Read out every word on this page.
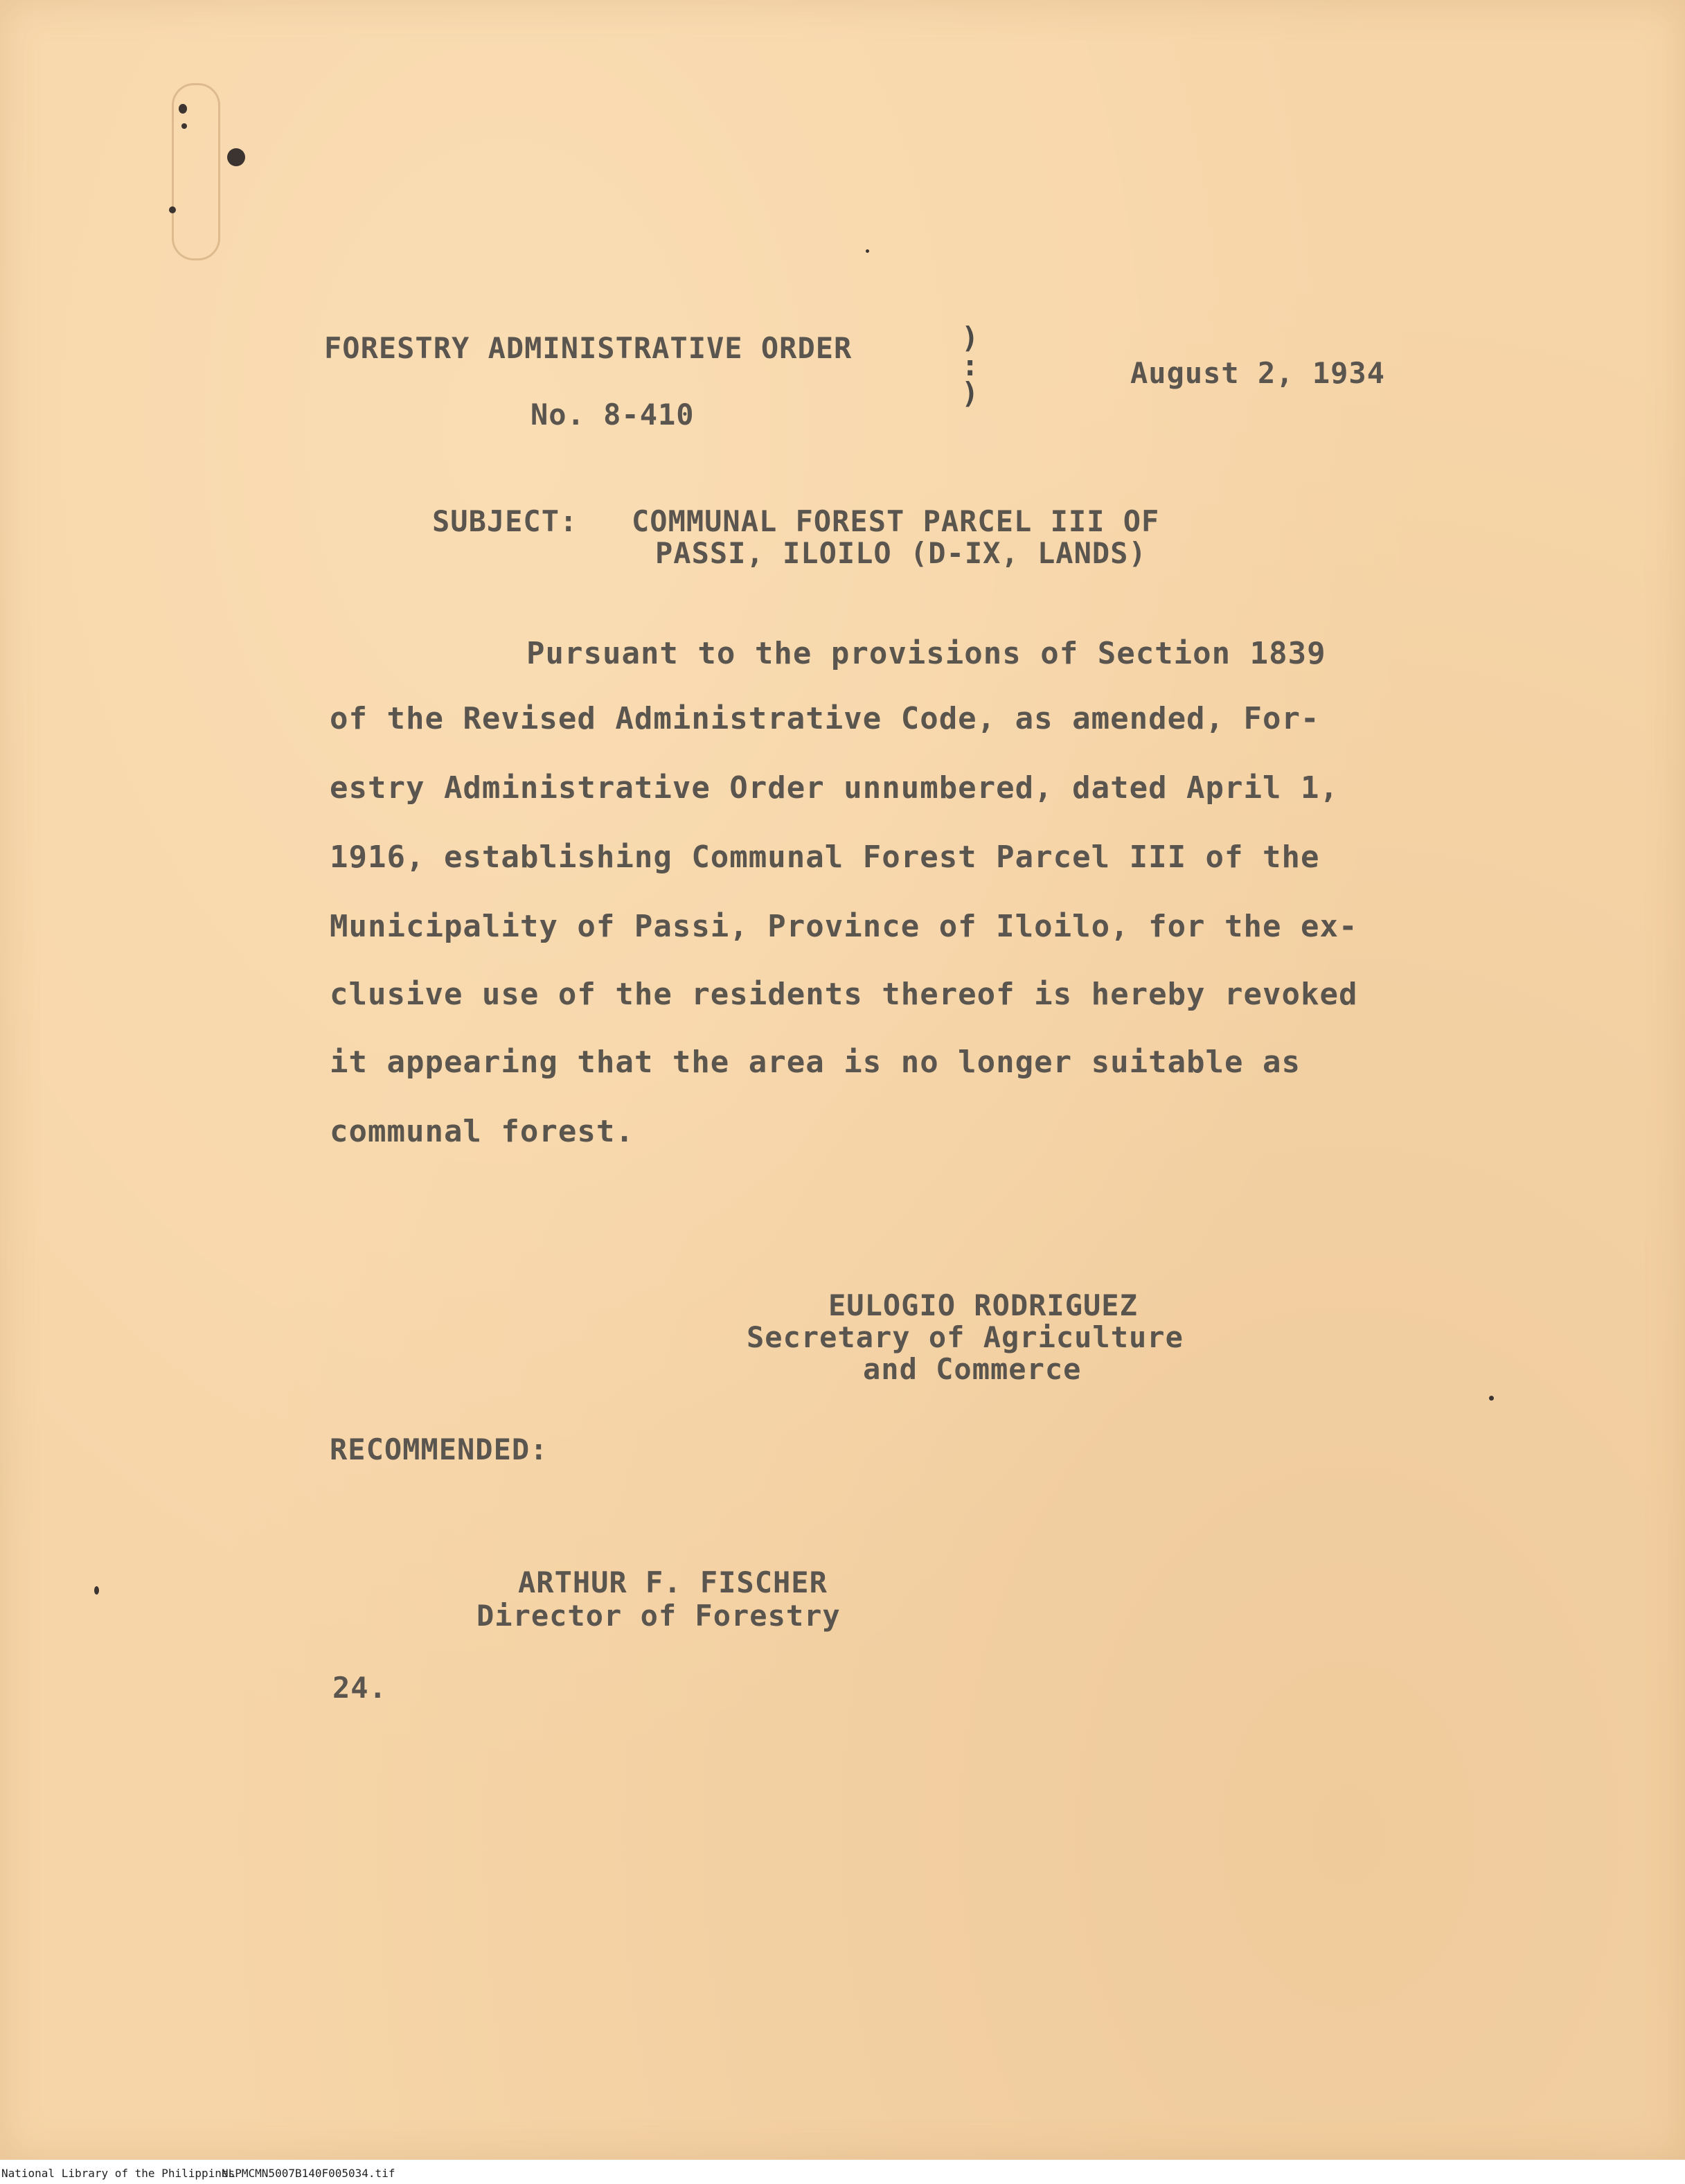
FORESTRY ADMINISTRATIVE ORDER	)
:
)
August 2, 1934
No. 8-410
SUBJECT: COMMUNAL FOREST PARCEL III OF
PASSI, ILOILO (D-IX, LANDS)
Pursuant to the provisions of Section 1839
of the Revised Administrative Code, as amended, For-
estry Administrative Order unnumbered, dated April 1,
1916, establishing Communal Forest Parcel III of the
Municipality of Passi, Province of Iloilo, for the ex-
clusive use of the residents thereof is hereby revoked
it appearing that the area is no longer suitable as
communal forest.
EULOGIO RODRIGUEZ
Secretary of Agriculture
and Commerce
RECOMMENDED:
ARTHUR F. FISCHER
Director of Forestry
24.
National Library of the Philippines
NLPMCMN5007B140F005034.tif
